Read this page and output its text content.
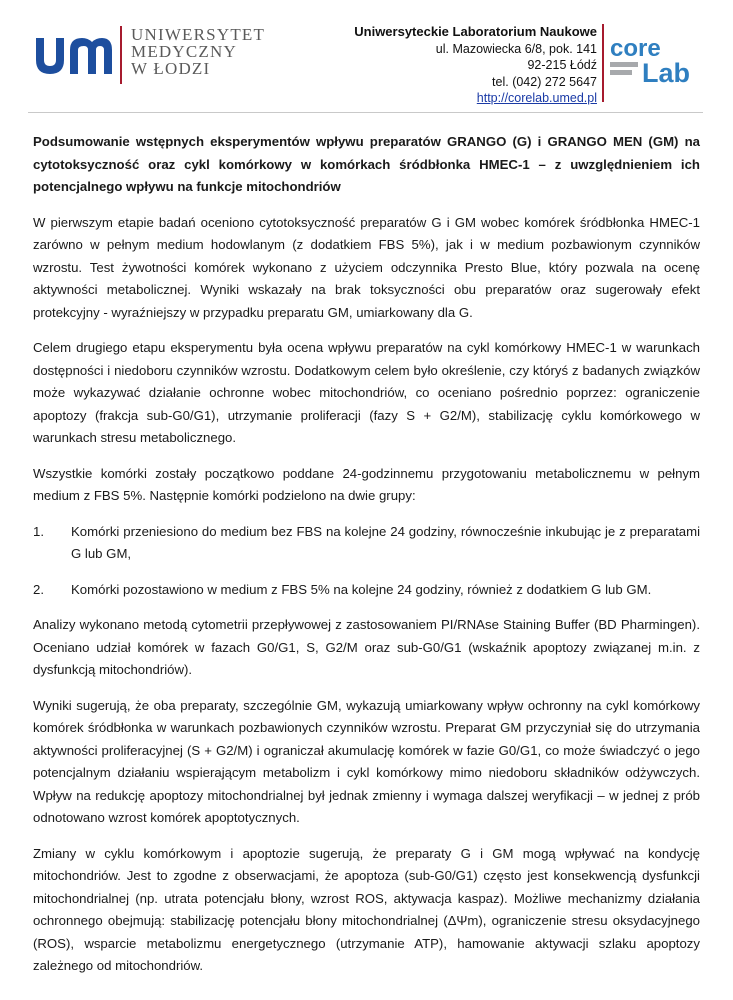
UNIWERSYTET
MEDYCZNY
W ŁODZI
Uniwersyteckie Laboratorium Naukowe
ul. Mazowiecka 6/8, pok. 141
92-215 Łódź
tel. (042) 272 5647
http://corelab.umed.pl
core
Lab

Podsumowanie wstępnych eksperymentów wpływu preparatów GRANGO (G) i GRANGO MEN (GM) na cytotoksyczność oraz cykl komórkowy w komórkach śródbłonka HMEC-1 – z uwzględnieniem ich potencjalnego wpływu na funkcje mitochondriów

W pierwszym etapie badań oceniono cytotoksyczność preparatów G i GM wobec komórek śródbłonka HMEC-1 zarówno w pełnym medium hodowlanym (z dodatkiem FBS 5%), jak i w medium pozbawionym czynników wzrostu. Test żywotności komórek wykonano z użyciem odczynnika Presto Blue, który pozwala na ocenę aktywności metabolicznej. Wyniki wskazały na brak toksyczności obu preparatów oraz sugerowały efekt protekcyjny - wyraźniejszy w przypadku preparatu GM, umiarkowany dla G.

Celem drugiego etapu eksperymentu była ocena wpływu preparatów na cykl komórkowy HMEC-1 w warunkach dostępności i niedoboru czynników wzrostu. Dodatkowym celem było określenie, czy któryś z badanych związków może wykazywać działanie ochronne wobec mitochondriów, co oceniano pośrednio poprzez: ograniczenie apoptozy (frakcja sub-G0/G1), utrzymanie proliferacji (fazy S + G2/M), stabilizację cyklu komórkowego w warunkach stresu metabolicznego.

Wszystkie komórki zostały początkowo poddane 24-godzinnemu przygotowaniu metabolicznemu w pełnym medium z FBS 5%. Następnie komórki podzielono na dwie grupy:

1.	Komórki przeniesiono do medium bez FBS na kolejne 24 godziny, równocześnie inkubując je z preparatami G lub GM,

2.	Komórki pozostawiono w medium z FBS 5% na kolejne 24 godziny, również z dodatkiem G lub GM.

Analizy wykonano metodą cytometrii przepływowej z zastosowaniem PI/RNAse Staining Buffer (BD Pharmingen). Oceniano udział komórek w fazach G0/G1, S, G2/M oraz sub-G0/G1 (wskaźnik apoptozy związanej m.in. z dysfunkcją mitochondriów).

Wyniki sugerują, że oba preparaty, szczególnie GM, wykazują umiarkowany wpływ ochronny na cykl komórkowy komórek śródbłonka w warunkach pozbawionych czynników wzrostu. Preparat GM przyczyniał się do utrzymania aktywności proliferacyjnej (S + G2/M) i ograniczał akumulację komórek w fazie G0/G1, co może świadczyć o jego potencjalnym działaniu wspierającym metabolizm i cykl komórkowy mimo niedoboru składników odżywczych. Wpływ na redukcję apoptozy mitochondrialnej był jednak zmienny i wymaga dalszej weryfikacji – w jednej z prób odnotowano wzrost komórek apoptotycznych.

Zmiany w cyklu komórkowym i apoptozie sugerują, że preparaty G i GM mogą wpływać na kondycję mitochondriów. Jest to zgodne z obserwacjami, że apoptoza (sub-G0/G1) często jest konsekwencją dysfunkcji mitochondrialnej (np. utrata potencjału błony, wzrost ROS, aktywacja kaspaz). Możliwe mechanizmy działania ochronnego obejmują: stabilizację potencjału błony mitochondrialnej (ΔΨm), ograniczenie stresu oksydacyjnego (ROS), wsparcie metabolizmu energetycznego (utrzymanie ATP), hamowanie aktywacji szlaku apoptozy zależnego od mitochondriów.
